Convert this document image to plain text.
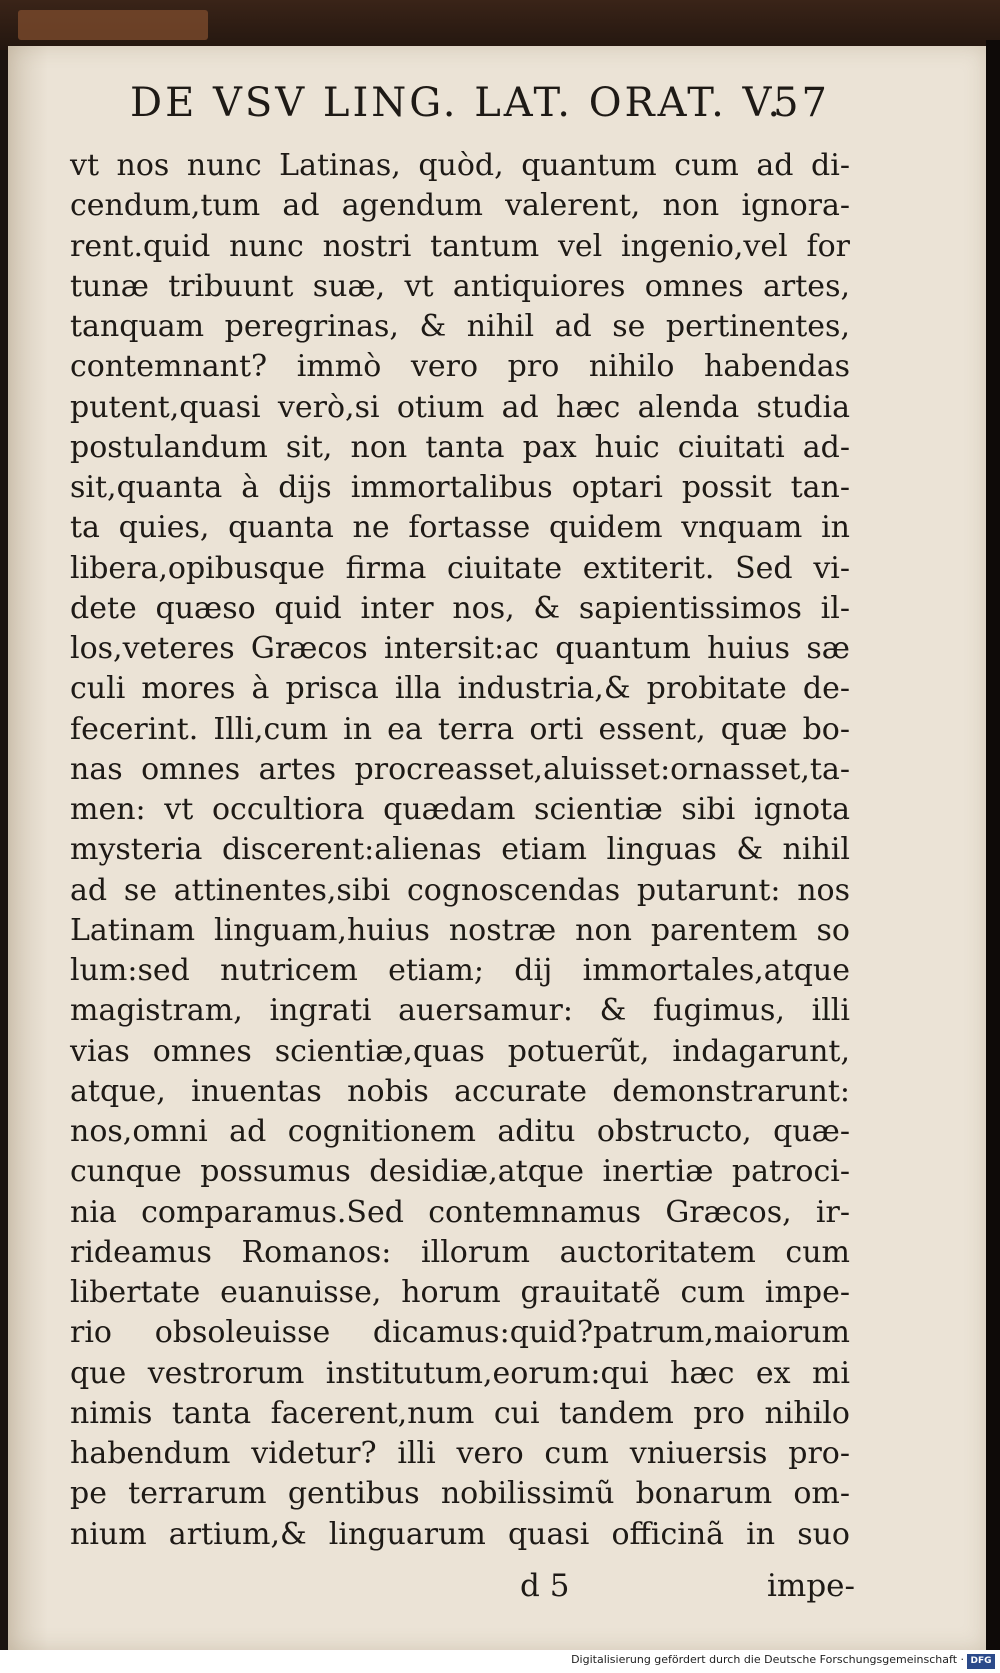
DE VSV LING. LAT. ORAT. V.
57
vt nos nunc Latinas, quòd, quantum cum ad di-
cendum,tum ad agendum valerent, non ignora-
rent.quid nunc nostri tantum vel ingenio,vel for
tunæ tribuunt suæ, vt antiquiores omnes artes,
tanquam peregrinas, & nihil ad se pertinentes,
contemnant? immò vero pro nihilo habendas
putent,quasi verò,si otium ad hæc alenda studia
postulandum sit, non tanta pax huic ciuitati ad-
sit,quanta à dijs immortalibus optari possit tan-
ta quies, quanta ne fortasse quidem vnquam in
libera,opibusque firma ciuitate extiterit. Sed vi-
dete quæso quid inter nos, & sapientissimos il-
los,veteres Græcos intersit:ac quantum huius sæ
culi mores à prisca illa industria,& probitate de-
fecerint. Illi,cum in ea terra orti essent, quæ bo-
nas omnes artes procreasset,aluisset:ornasset,ta-
men: vt occultiora quædam scientiæ sibi ignota
mysteria discerent:alienas etiam linguas & nihil
ad se attinentes,sibi cognoscendas putarunt: nos
Latinam linguam,huius nostræ non parentem so
lum:sed nutricem etiam; dij immortales,atque
magistram, ingrati auersamur: & fugimus, illi
vias omnes scientiæ,quas potuerũt, indagarunt,
atque, inuentas nobis accurate demonstrarunt:
nos,omni ad cognitionem aditu obstructo, quæ-
cunque possumus desidiæ,atque inertiæ patroci-
nia comparamus.Sed contemnamus Græcos, ir-
rideamus Romanos: illorum auctoritatem cum
libertate euanuisse, horum grauitatẽ cum impe-
rio obsoleuisse dicamus:quid?patrum,maiorum
que vestrorum institutum,eorum:qui hæc ex mi
nimis tanta facerent,num cui tandem pro nihilo
habendum videtur? illi vero cum vniuersis pro-
pe terrarum gentibus nobilissimũ bonarum om-
nium artium,& linguarum quasi officinã in suo
d 5	impe-
Digitalisierung gefördert durch die Deutsche Forschungsgemeinschaft · DFG
